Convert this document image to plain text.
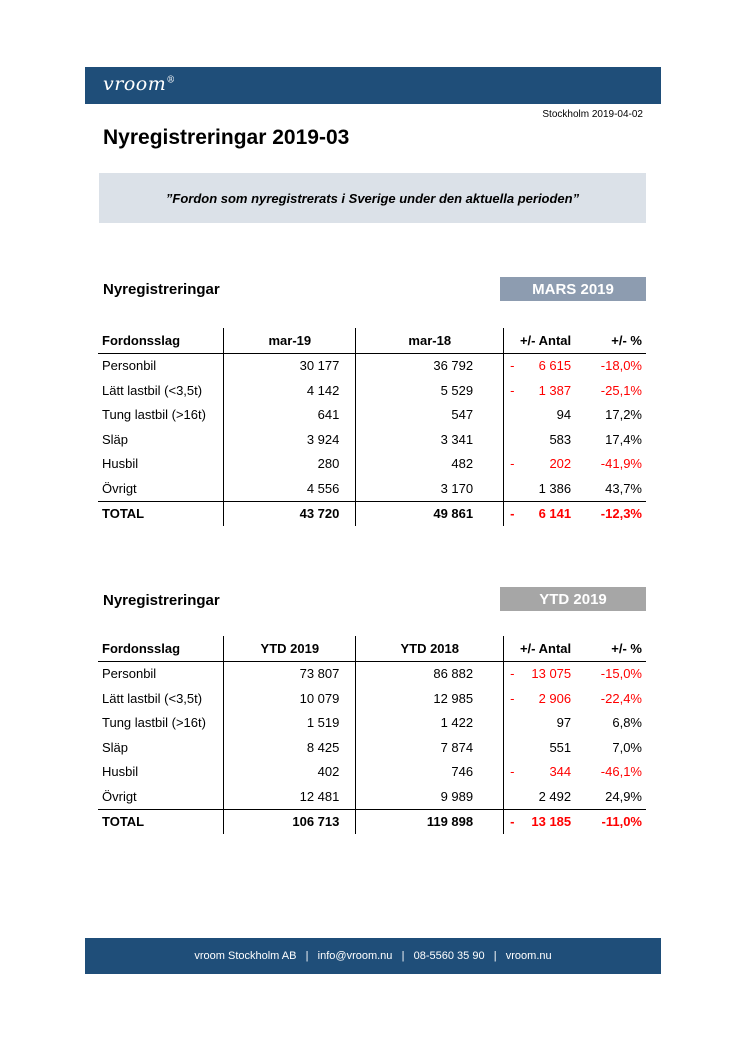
vroom®
Stockholm 2019-04-02
Nyregistreringar 2019-03
”Fordon som nyregistrerats i Sverige under den aktuella perioden”
Nyregistreringar	MARS 2019
Fordonsslag	mar-19	mar-18	+/- Antal	+/- %
Personbil	30 177	36 792	- 6 615	-18,0%
Lätt lastbil (<3,5t)	4 142	5 529	- 1 387	-25,1%
Tung lastbil (>16t)	641	547	94	17,2%
Släp	3 924	3 341	583	17,4%
Husbil	280	482	- 202	-41,9%
Övrigt	4 556	3 170	1 386	43,7%
TOTAL	43 720	49 861	- 6 141	-12,3%
Nyregistreringar	YTD 2019
Fordonsslag	YTD 2019	YTD 2018	+/- Antal	+/- %
Personbil	73 807	86 882	- 13 075	-15,0%
Lätt lastbil (<3,5t)	10 079	12 985	- 2 906	-22,4%
Tung lastbil (>16t)	1 519	1 422	97	6,8%
Släp	8 425	7 874	551	7,0%
Husbil	402	746	- 344	-46,1%
Övrigt	12 481	9 989	2 492	24,9%
TOTAL	106 713	119 898	- 13 185	-11,0%
vroom Stockholm AB   |   info@vroom.nu   |   08-5560 35 90   |   vroom.nu
